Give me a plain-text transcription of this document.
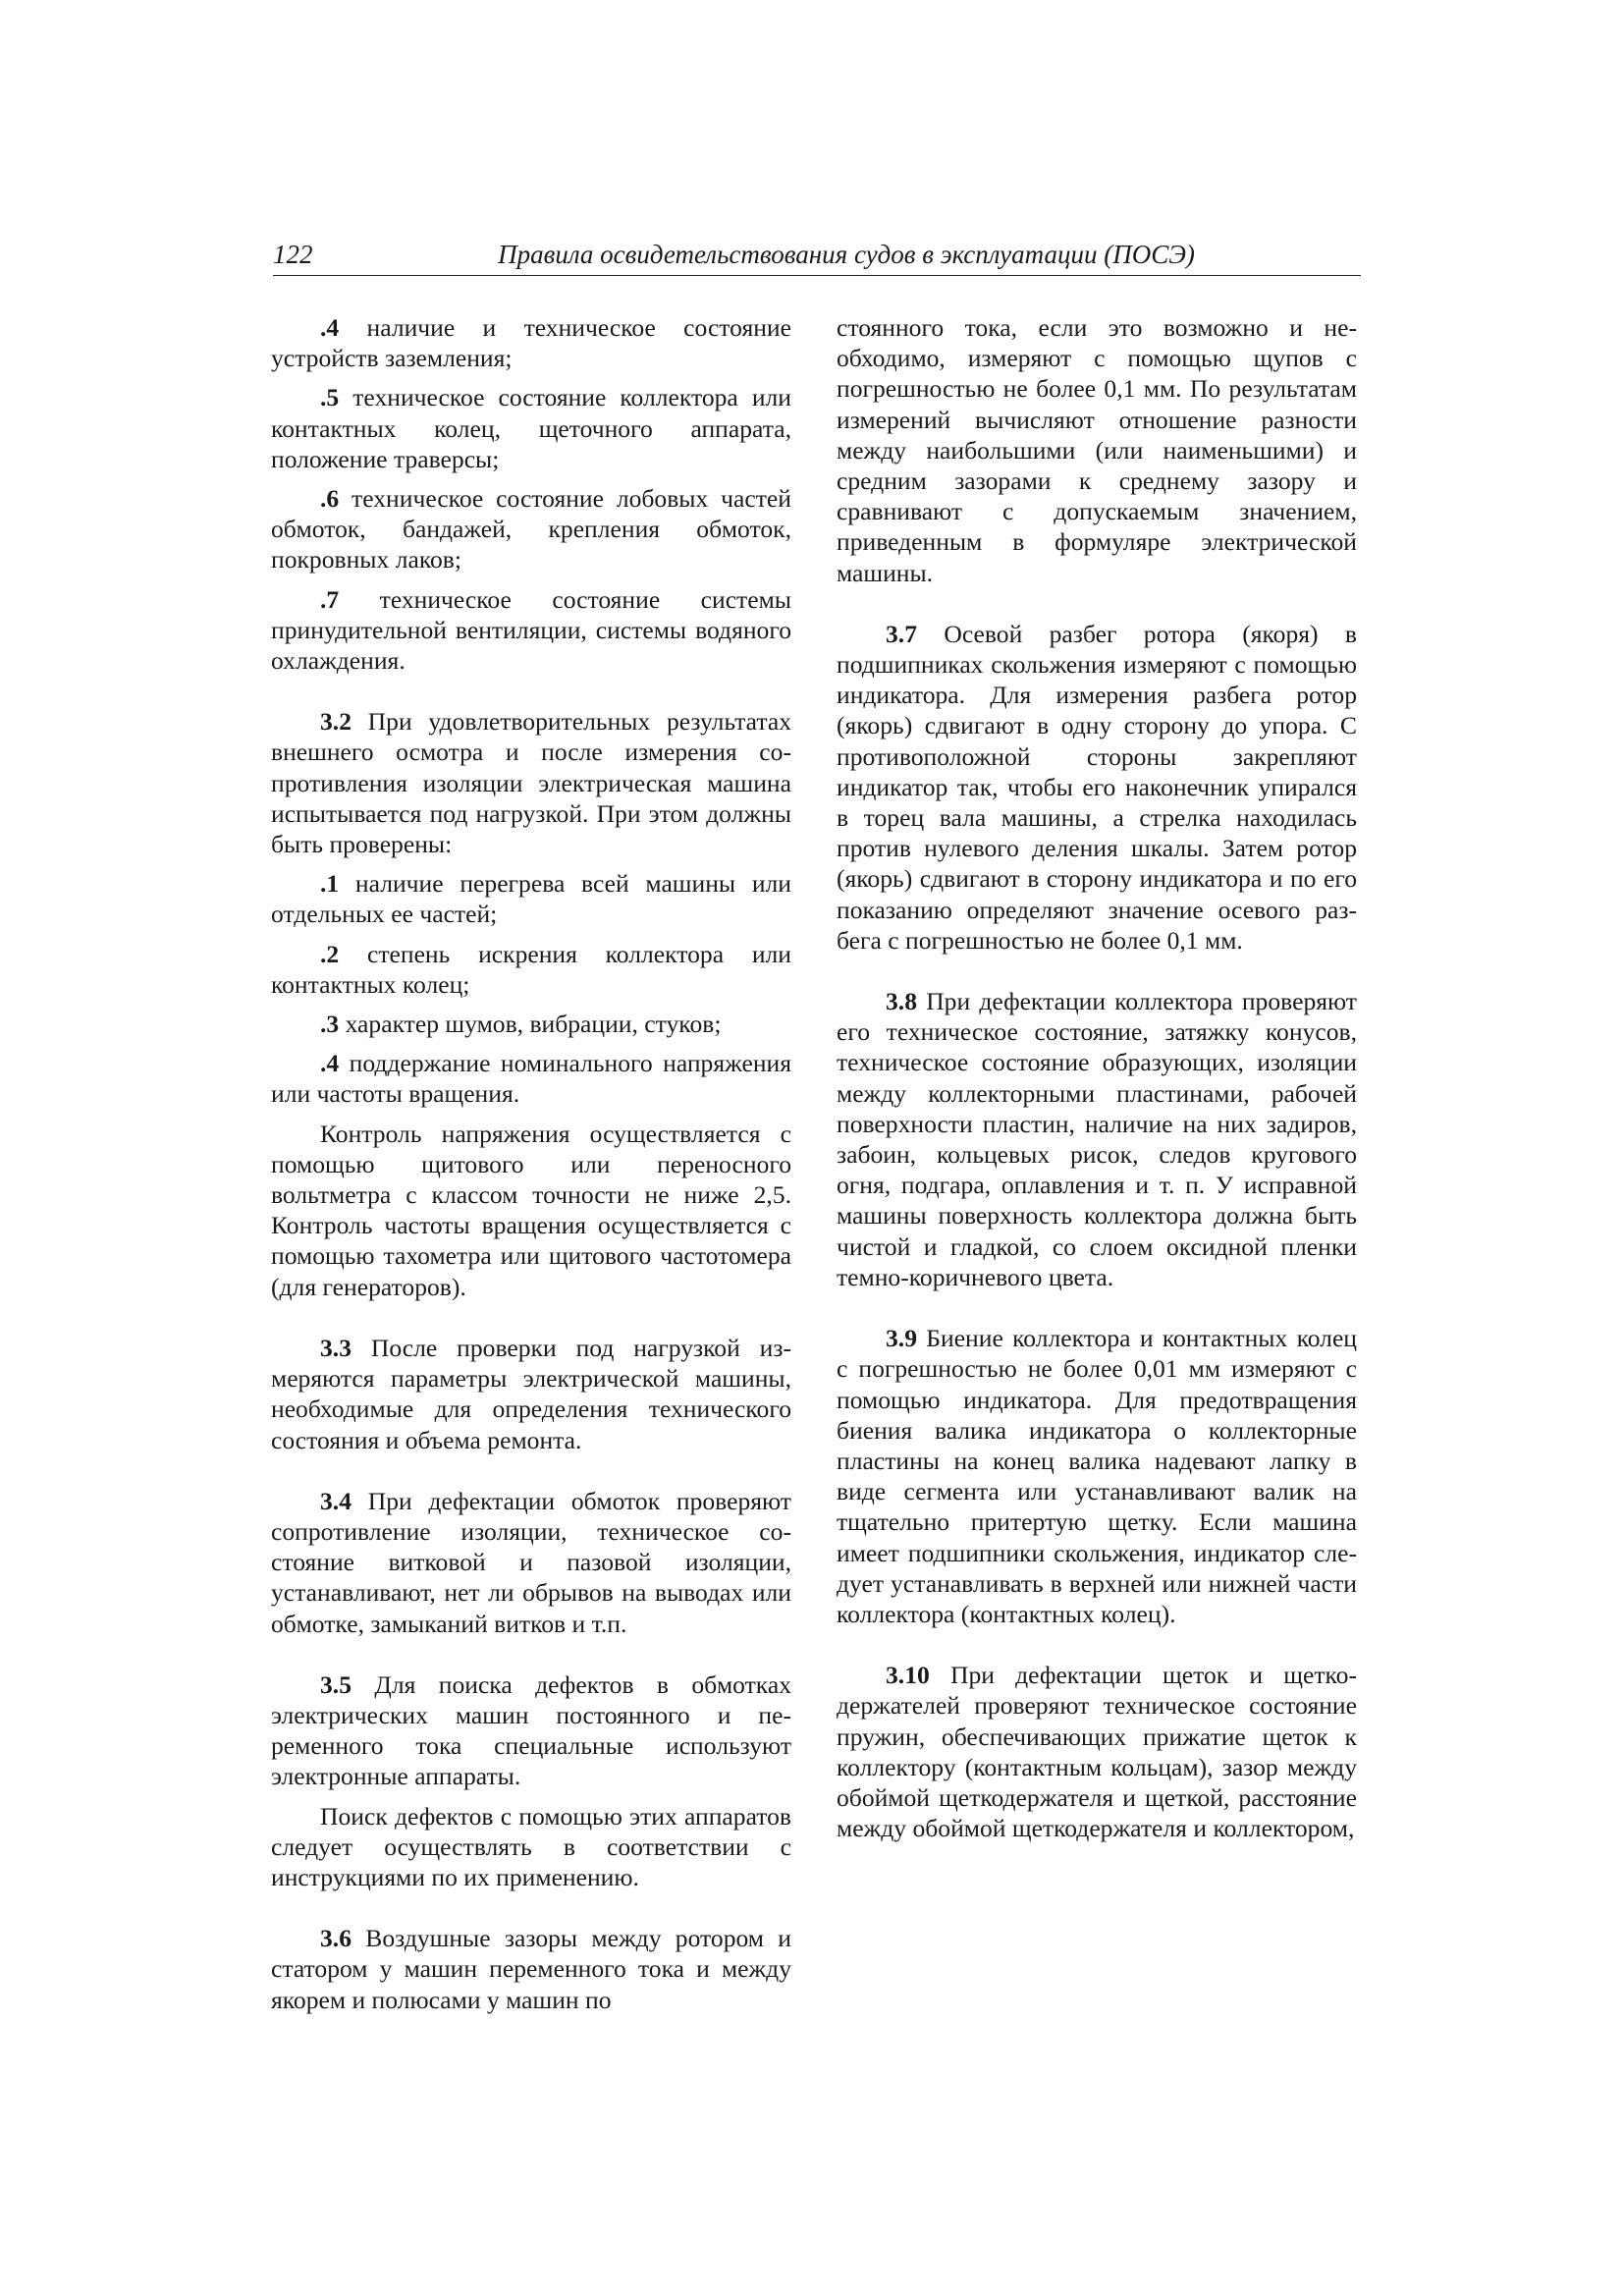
122	Правила освидетельствования судов в эксплуатации (ПОСЭ)

.4 наличие и техническое состояние устройств заземления;

.5 техническое состояние коллектора или контактных колец, щеточного аппарата, положение траверсы;

.6 техническое состояние лобовых частей обмоток, бандажей, крепления обмоток, покровных лаков;

.7 техническое состояние системы принудительной вентиляции, системы водяного охлаждения.

3.2 При удовлетворительных результатах внешнего осмотра и после измерения сопротивления изоляции электрическая машина испытывается под нагрузкой. При этом должны быть проверены:

.1 наличие перегрева всей машины или отдельных ее частей;

.2 степень искрения коллектора или контактных колец;

.3 характер шумов, вибрации, стуков;

.4 поддержание номинального напряжения или частоты вращения.

Контроль напряжения осуществляется с помощью щитового или переносного вольтметра с классом точности не ниже 2,5. Контроль частоты вращения осуществляется с помощью тахометра или щитового частотомера (для генераторов).

3.3 После проверки под нагрузкой измеряются параметры электрической машины, необходимые для определения технического состояния и объема ремонта.

3.4 При дефектации обмоток проверяют сопротивление изоляции, техническое состояние витковой и пазовой изоляции, устанавливают, нет ли обрывов на выводах или обмотке, замыканий витков и т.п.

3.5 Для поиска дефектов в обмотках электрических машин постоянного и переменного тока специальные используют электронные аппараты.

Поиск дефектов с помощью этих аппаратов следует осуществлять в соответствии с инструкциями по их применению.

3.6 Воздушные зазоры между ротором и статором у машин переменного тока и между якорем и полюсами у машин по

стоянного тока, если это возможно и необходимо, измеряют с помощью щупов с погрешностью не более 0,1 мм. По результатам измерений вычисляют отношение разности между наибольшими (или наименьшими) и средним зазорами к среднему зазору и сравнивают с допускаемым значением, приведенным в формуляре электрической машины.

3.7 Осевой разбег ротора (якоря) в подшипниках скольжения измеряют с помощью индикатора. Для измерения разбега ротор (якорь) сдвигают в одну сторону до упора. С противоположной стороны закрепляют индикатор так, чтобы его наконечник упирался в торец вала машины, а стрелка находилась против нулевого деления шкалы. Затем ротор (якорь) сдвигают в сторону индикатора и по его показанию определяют значение осевого разбега с погрешностью не более 0,1 мм.

3.8 При дефектации коллектора проверяют его техническое состояние, затяжку конусов, техническое состояние образующих, изоляции между коллекторными пластинами, рабочей поверхности пластин, наличие на них задиров, забоин, кольцевых рисок, следов кругового огня, подгара, оплавления и т. п. У исправной машины поверхность коллектора должна быть чистой и гладкой, со слоем оксидной пленки темно-коричневого цвета.

3.9 Биение коллектора и контактных колец с погрешностью не более 0,01 мм измеряют с помощью индикатора. Для предотвращения биения валика индикатора о коллекторные пластины на конец валика надевают лапку в виде сегмента или устанавливают валик на тщательно притертую щетку. Если машина имеет подшипники скольжения, индикатор следует устанавливать в верхней или нижней части коллектора (контактных колец).

3.10 При дефектации щеток и щеткодержателей проверяют техническое состояние пружин, обеспечивающих прижатие щеток к коллектору (контактным кольцам), зазор между обоймой щеткодержателя и щеткой, расстояние между обоймой щеткодержателя и коллектором,
